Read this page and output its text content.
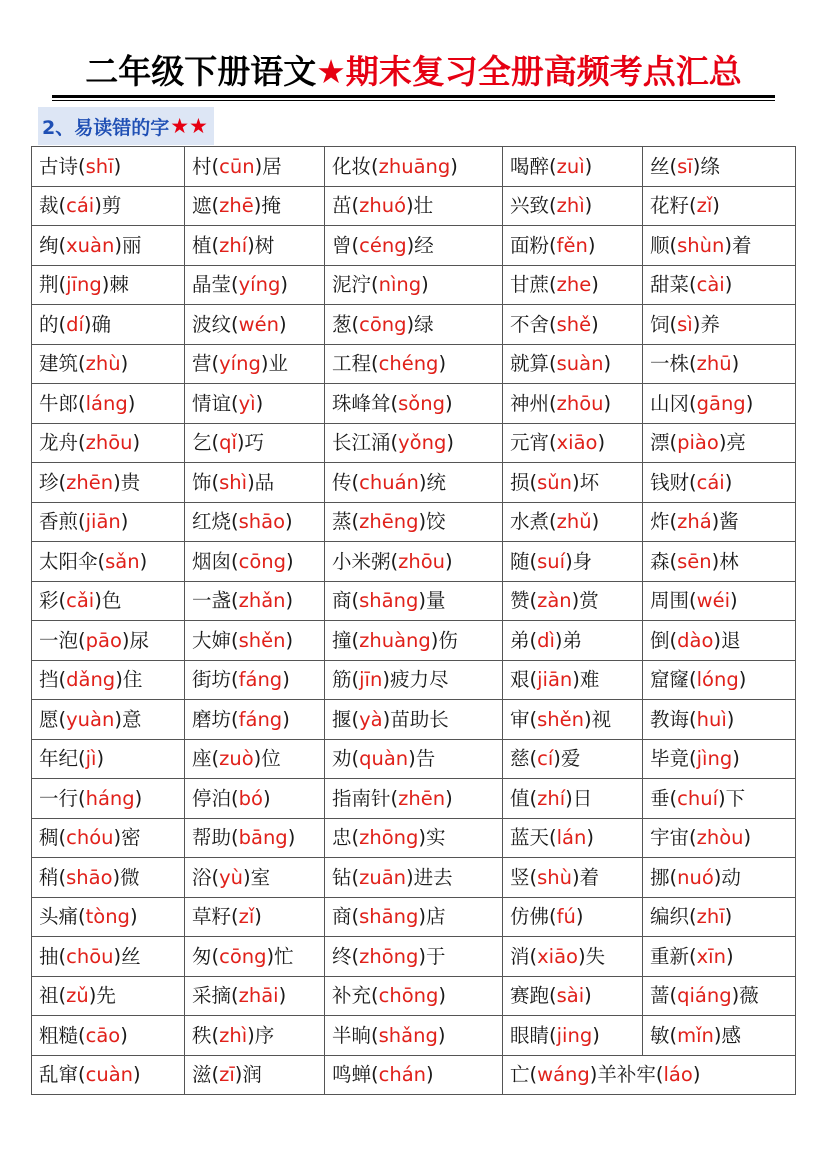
二年级下册语文★期末复习全册高频考点汇总
2、易读错的字 ★★
古诗(shī)	村(cūn)居	化妆(zhuāng)	喝醉(zuì)	丝(sī)绦
裁(cái)剪	遮(zhē)掩	茁(zhuó)壮	兴致(zhì)	花籽(zǐ)
绚(xuàn)丽	植(zhí)树	曾(céng)经	面粉(fěn)	顺(shùn)着
荆(jīng)棘	晶莹(yíng)	泥泞(nìng)	甘蔗(zhe)	甜菜(cài)
的(dí)确	波纹(wén)	葱(cōng)绿	不舍(shě)	饲(sì)养
建筑(zhù)	营(yíng)业	工程(chéng)	就算(suàn)	一株(zhū)
牛郎(láng)	情谊(yì)	珠峰耸(sǒng)	神州(zhōu)	山冈(gāng)
龙舟(zhōu)	乞(qǐ)巧	长江涌(yǒng)	元宵(xiāo)	漂(piào)亮
珍(zhēn)贵	饰(shì)品	传(chuán)统	损(sǔn)坏	钱财(cái)
香煎(jiān)	红烧(shāo)	蒸(zhēng)饺	水煮(zhǔ)	炸(zhá)酱
太阳伞(sǎn)	烟囱(cōng)	小米粥(zhōu)	随(suí)身	森(sēn)林
彩(cǎi)色	一盏(zhǎn)	商(shāng)量	赞(zàn)赏	周围(wéi)
一泡(pāo)尿	大婶(shěn)	撞(zhuàng)伤	弟(dì)弟	倒(dào)退
挡(dǎng)住	街坊(fáng)	筋(jīn)疲力尽	艰(jiān)难	窟窿(lóng)
愿(yuàn)意	磨坊(fáng)	揠(yà)苗助长	审(shěn)视	教诲(huì)
年纪(jì)	座(zuò)位	劝(quàn)告	慈(cí)爱	毕竟(jìng)
一行(háng)	停泊(bó)	指南针(zhēn)	值(zhí)日	垂(chuí)下
稠(chóu)密	帮助(bāng)	忠(zhōng)实	蓝天(lán)	宇宙(zhòu)
稍(shāo)微	浴(yù)室	钻(zuān)进去	竖(shù)着	挪(nuó)动
头痛(tòng)	草籽(zǐ)	商(shāng)店	仿佛(fú)	编织(zhī)
抽(chōu)丝	匆(cōng)忙	终(zhōng)于	消(xiāo)失	重新(xīn)
祖(zǔ)先	采摘(zhāi)	补充(chōng)	赛跑(sài)	蔷(qiáng)薇
粗糙(cāo)	秩(zhì)序	半晌(shǎng)	眼睛(jing)	敏(mǐn)感
乱窜(cuàn)	滋(zī)润	鸣蝉(chán)	亡(wáng)羊补牢(láo)	
